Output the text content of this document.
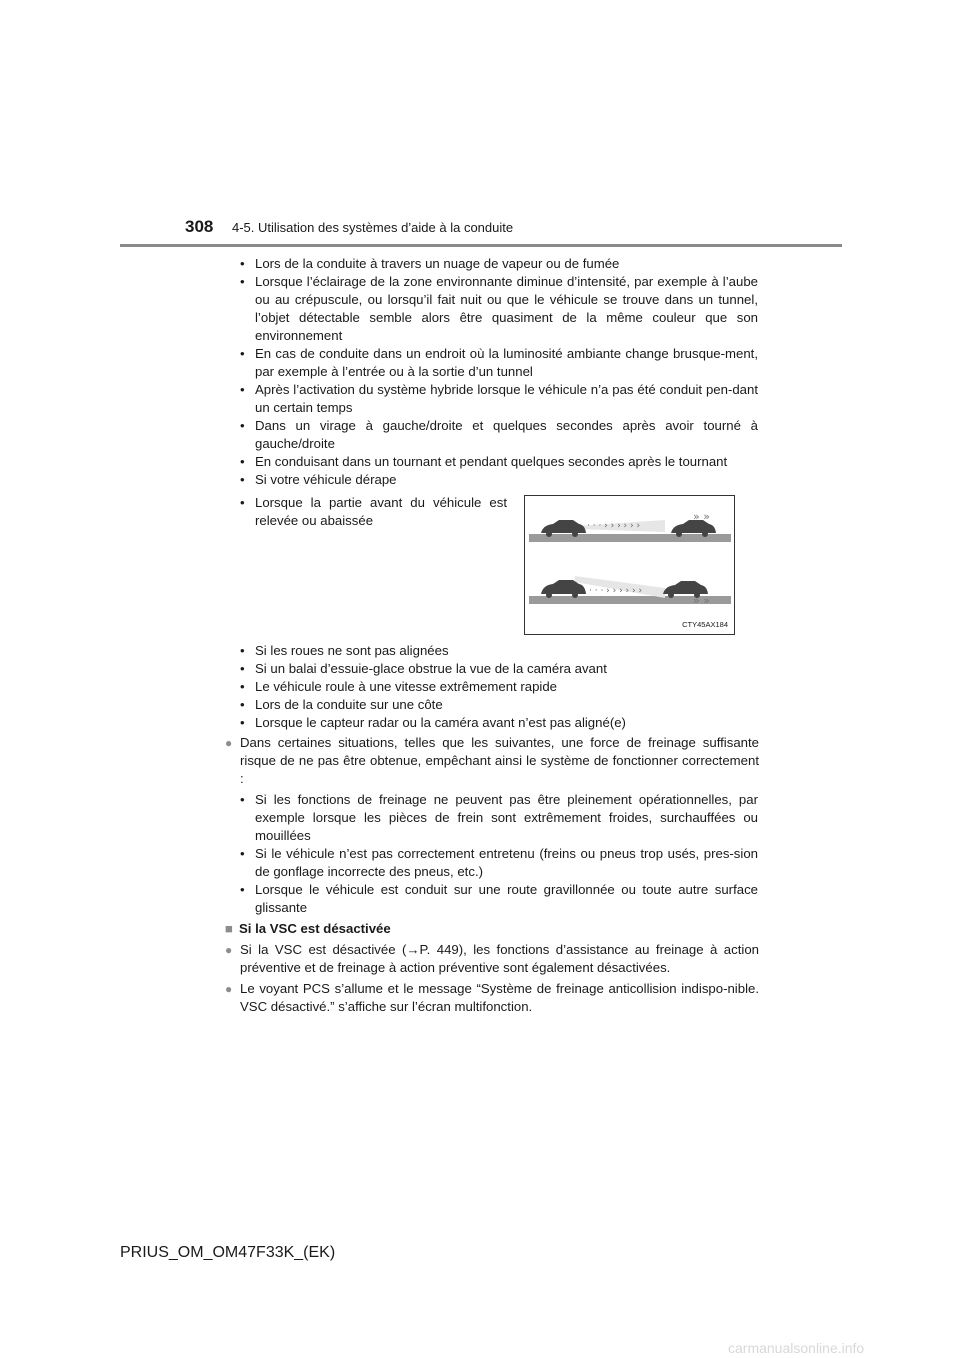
308 4-5. Utilisation des systèmes d’aide à la conduite
• Lors de la conduite à travers un nuage de vapeur ou de fumée
• Lorsque l’éclairage de la zone environnante diminue d’intensité, par exemple à l’aube ou au crépuscule, ou lorsqu’il fait nuit ou que le véhicule se trouve dans un tunnel, l’objet détectable semble alors être quasiment de la même couleur que son environnement
• En cas de conduite dans un endroit où la luminosité ambiante change brusque-ment, par exemple à l’entrée ou à la sortie d’un tunnel
• Après l’activation du système hybride lorsque le véhicule n’a pas été conduit pen-dant un certain temps
• Dans un virage à gauche/droite et quelques secondes après avoir tourné à gauche/droite
• En conduisant dans un tournant et pendant quelques secondes après le tournant
• Si votre véhicule dérape
• Lorsque la partie avant du véhicule est relevée ou abaissée	· · · › › › › › ›
» »
· · · › › › › › ›
» »
CTY45AX184
• Si les roues ne sont pas alignées
• Si un balai d’essuie-glace obstrue la vue de la caméra avant
• Le véhicule roule à une vitesse extrêmement rapide
• Lors de la conduite sur une côte
• Lorsque le capteur radar ou la caméra avant n’est pas aligné(e)
● Dans certaines situations, telles que les suivantes, une force de freinage suffisante risque de ne pas être obtenue, empêchant ainsi le système de fonctionner correctement :
• Si les fonctions de freinage ne peuvent pas être pleinement opérationnelles, par exemple lorsque les pièces de frein sont extrêmement froides, surchauffées ou mouillées
• Si le véhicule n’est pas correctement entretenu (freins ou pneus trop usés, pres-sion de gonflage incorrecte des pneus, etc.)
• Lorsque le véhicule est conduit sur une route gravillonnée ou toute autre surface glissante
■ Si la VSC est désactivée
● Si la VSC est désactivée (→P. 449), les fonctions d’assistance au freinage à action préventive et de freinage à action préventive sont également désactivées.
● Le voyant PCS s’allume et le message “Système de freinage anticollision indispo-nible. VSC désactivé.” s’affiche sur l’écran multifonction.
PRIUS_OM_OM47F33K_(EK)
carmanualsonline.info
